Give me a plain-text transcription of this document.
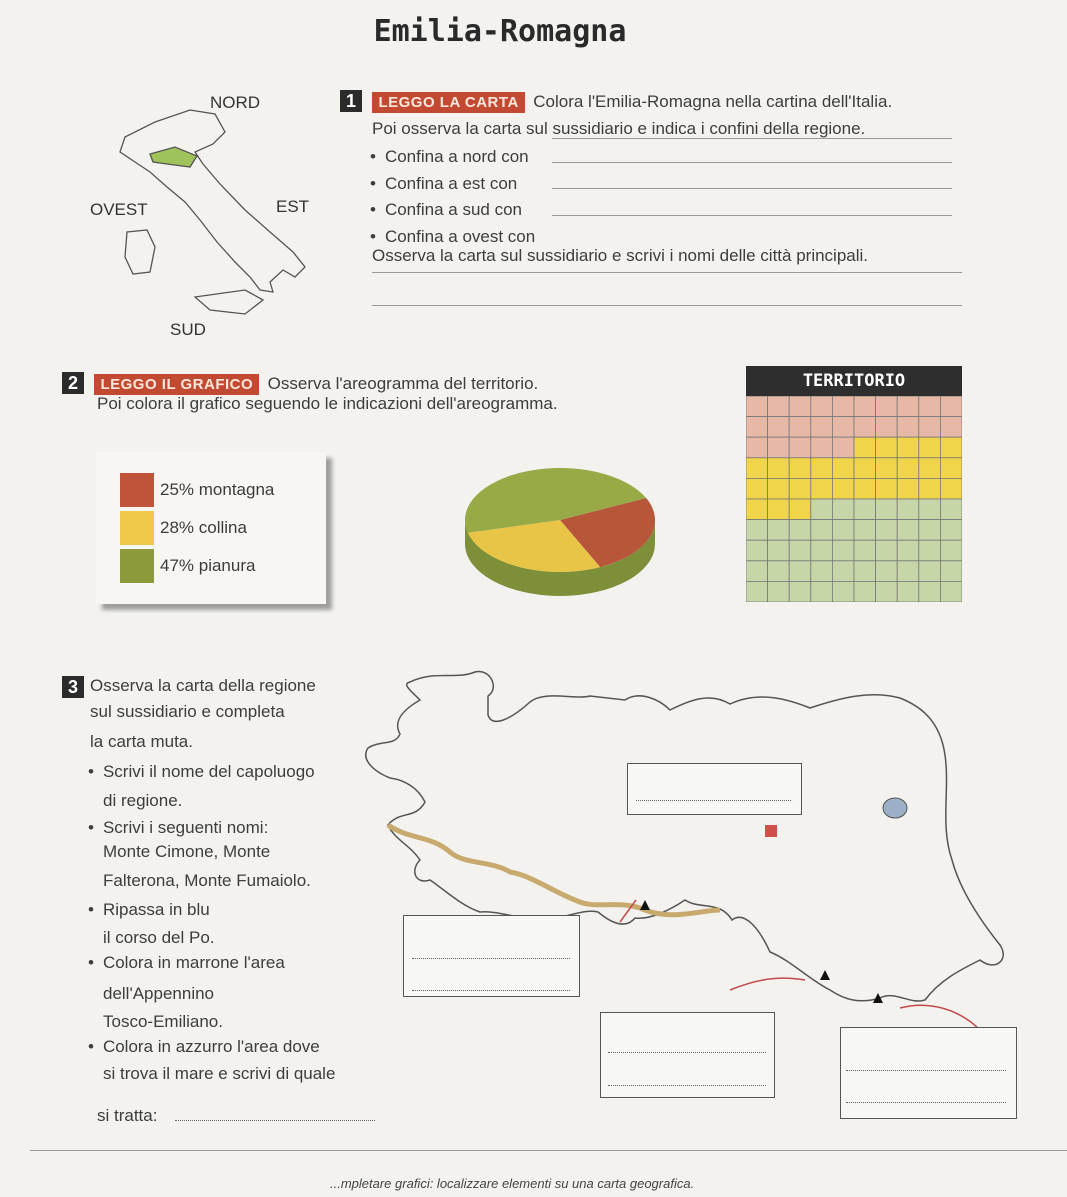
Emilia-Romagna
NORD
OVEST	EST
SUD
1 LEGGO LA CARTA Colora l'Emilia-Romagna nella cartina dell'Italia.
Poi osserva la carta sul sussidiario e indica i confini della regione.
• Confina a nord con
• Confina a est con
• Confina a sud con
• Confina a ovest con
Osserva la carta sul sussidiario e scrivi i nomi delle città principali.
2 LEGGO IL GRAFICO Osserva l'areogramma del territorio.
Poi colora il grafico seguendo le indicazioni dell'areogramma.
25% montagna
28% collina
47% pianura
TERRITORIO
3 Osserva la carta della regione
sul sussidiario e completa
la carta muta.
• Scrivi il nome del capoluogo
di regione.
• Scrivi i seguenti nomi:
Monte Cimone, Monte
Falterona, Monte Fumaiolo.
• Ripassa in blu
il corso del Po.
• Colora in marrone l'area
dell'Appennino
Tosco-Emiliano.
• Colora in azzurro l'area dove
si trova il mare e scrivi di quale
si tratta:
...mpletare grafici: localizzare elementi su una carta geografica.
